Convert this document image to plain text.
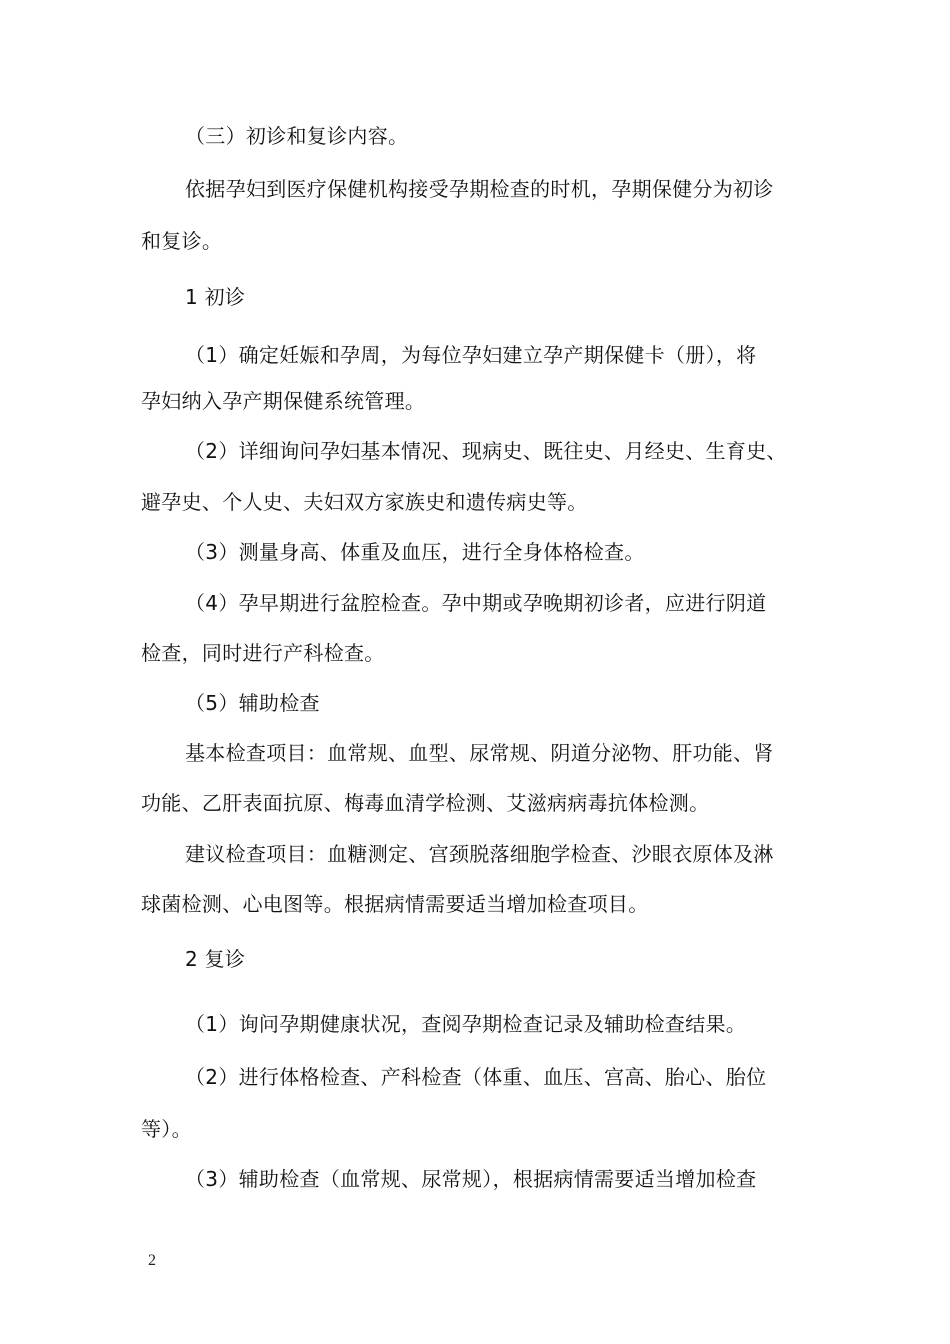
（三）初诊和复诊内容。
依据孕妇到医疗保健机构接受孕期检查的时机，孕期保健分为初诊
和复诊。
1 初诊
（1）确定妊娠和孕周，为每位孕妇建立孕产期保健卡（册），将
孕妇纳入孕产期保健系统管理。
（2）详细询问孕妇基本情况、现病史、既往史、月经史、生育史、
避孕史、个人史、夫妇双方家族史和遗传病史等。
（3）测量身高、体重及血压，进行全身体格检查。
（4）孕早期进行盆腔检查。孕中期或孕晚期初诊者，应进行阴道
检查，同时进行产科检查。
（5）辅助检查
基本检查项目：血常规、血型、尿常规、阴道分泌物、肝功能、肾
功能、乙肝表面抗原、梅毒血清学检测、艾滋病病毒抗体检测。
建议检查项目：血糖测定、宫颈脱落细胞学检查、沙眼衣原体及淋
球菌检测、心电图等。根据病情需要适当增加检查项目。
2 复诊
（1）询问孕期健康状况，查阅孕期检查记录及辅助检查结果。
（2）进行体格检查、产科检查（体重、血压、宫高、胎心、胎位
等）。
（3）辅助检查（血常规、尿常规），根据病情需要适当增加检查
2
